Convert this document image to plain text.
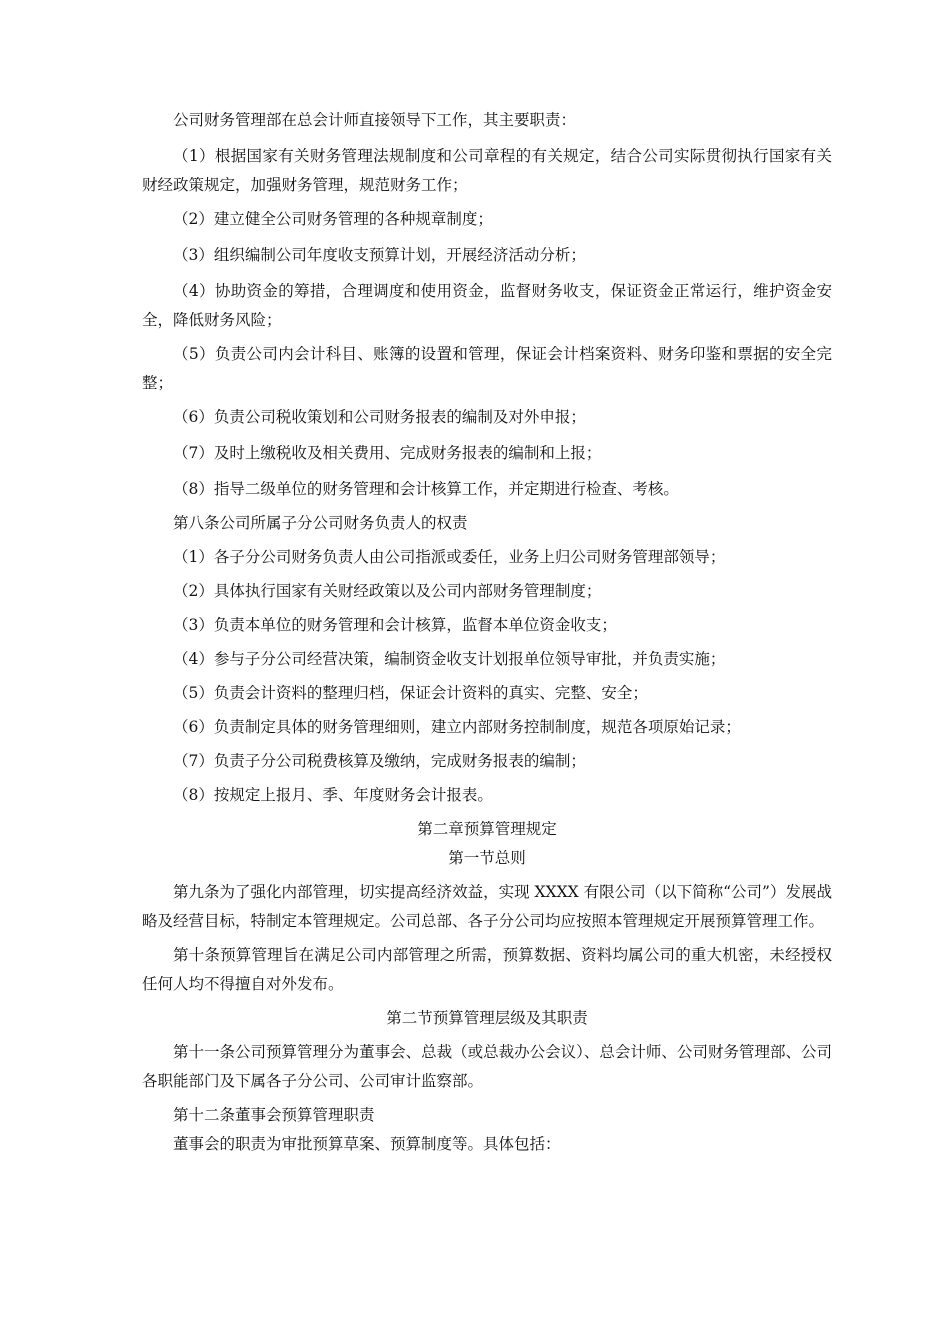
公司财务管理部在总会计师直接领导下工作，其主要职责：

（1）根据国家有关财务管理法规制度和公司章程的有关规定，结合公司实际贯彻执行国家有关财经政策规定，加强财务管理，规范财务工作；

（2）建立健全公司财务管理的各种规章制度；

（3）组织编制公司年度收支预算计划，开展经济活动分析；

（4）协助资金的筹措，合理调度和使用资金，监督财务收支，保证资金正常运行，维护资金安全，降低财务风险；

（5）负责公司内会计科目、账簿的设置和管理，保证会计档案资料、财务印鉴和票据的安全完整；

（6）负责公司税收策划和公司财务报表的编制及对外申报；

（7）及时上缴税收及相关费用、完成财务报表的编制和上报；

（8）指导二级单位的财务管理和会计核算工作，并定期进行检查、考核。

第八条公司所属子分公司财务负责人的权责

（1）各子分公司财务负责人由公司指派或委任，业务上归公司财务管理部领导；

（2）具体执行国家有关财经政策以及公司内部财务管理制度；

（3）负责本单位的财务管理和会计核算，监督本单位资金收支；

（4）参与子分公司经营决策，编制资金收支计划报单位领导审批，并负责实施；

（5）负责会计资料的整理归档，保证会计资料的真实、完整、安全；

（6）负责制定具体的财务管理细则，建立内部财务控制制度，规范各项原始记录；

（7）负责子分公司税费核算及缴纳，完成财务报表的编制；

（8）按规定上报月、季、年度财务会计报表。

第二章预算管理规定

第一节总则

第九条为了强化内部管理，切实提高经济效益，实现 XXXX 有限公司（以下简称“公司”）发展战略及经营目标，特制定本管理规定。公司总部、各子分公司均应按照本管理规定开展预算管理工作。

第十条预算管理旨在满足公司内部管理之所需，预算数据、资料均属公司的重大机密，未经授权任何人均不得擅自对外发布。

第二节预算管理层级及其职责

第十一条公司预算管理分为董事会、总裁（或总裁办公会议）、总会计师、公司财务管理部、公司各职能部门及下属各子分公司、公司审计监察部。

第十二条董事会预算管理职责

董事会的职责为审批预算草案、预算制度等。具体包括：
